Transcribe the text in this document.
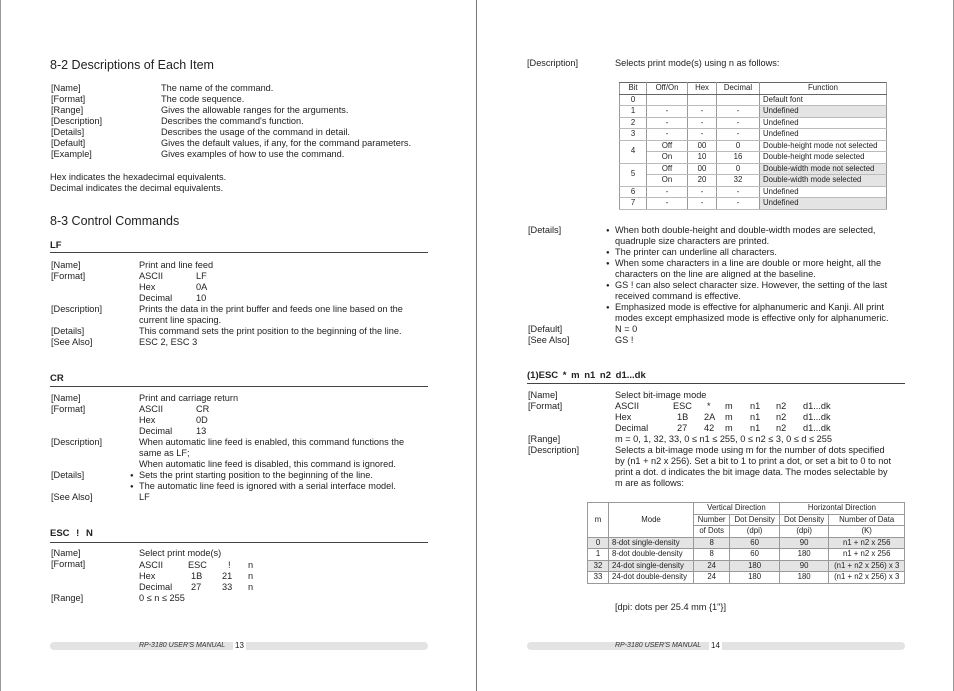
8-2 Descriptions of Each Item
[Name]	The name of the command.
[Format]	The code sequence.
[Range]	Gives the allowable ranges for the arguments.
[Description]	Describes the command's function.
[Details]	Describes the usage of the command in detail.
[Default]	Gives the default values, if any, for the command parameters.
[Example]	Gives examples of how to use the command.
Hex indicates the hexadecimal equivalents.
Decimal indicates the decimal equivalents.
8-3 Control Commands
LF
[Name]	Print and line feed
[Format]	ASCII	LF
Hex	0A
Decimal	10
[Description]	Prints the data in the print buffer and feeds one line based on the
current line spacing.
[Details]	This command sets the print position to the beginning of the line.
[See Also]	ESC 2, ESC 3
CR
[Name]	Print and carriage return
[Format]	ASCII	CR
Hex	0D
Decimal	13
[Description]	When automatic line feed is enabled, this command functions the
same as LF;
When automatic line feed is disabled, this command is ignored.
[Details]	● Sets the print starting position to the beginning of the line.
● The automatic line feed is ignored with a serial interface model.
[See Also]	LF
ESC ! N
[Name]	Select print mode(s)
[Format]	ASCII	ESC ! n
Hex	1B 21 n
Decimal 27 33 n
[Range]	0 ≤ n ≤ 255
RP-3180 USER'S MANUAL 13
[Description]	Selects print mode(s) using n as follows:
Bit	Off/On	Hex	Decimal	Function
0				Default font
1	-	-	-	Undefined
2	-	-	-	Undefined
3	-	-	-	Undefined
4	Off	00	0	Double-height mode not selected
	On	10	16	Double-height mode selected
5	Off	00	0	Double-width mode not selected
	On	20	32	Double-width mode selected
6	-	-	-	Undefined
7	-	-	-	Undefined
[Details]	● When both double-height and double-width modes are selected,
quadruple size characters are printed.
● The printer can underline all characters.
● When some characters in a line are double or more height, all the
characters on the line are aligned at the baseline.
● GS ! can also select character size. However, the setting of the last
received command is effective.
● Emphasized mode is effective for alphanumeric and Kanji. All print
modes except emphasized mode is effective only for alphanumeric.
[Default]	N = 0
[See Also]	GS !
(1)ESC * m n1 n2 d1...dk
[Name]	Select bit-image mode
[Format]	ASCII	ESC * m n1 n2 d1...dk
Hex	1B 2A m n1 n2 d1...dk
Decimal	27 42 m n1 n2 d1...dk
[Range]	m = 0, 1, 32, 33, 0 ≤ n1 ≤ 255, 0 ≤ n2 ≤ 3, 0 ≤ d ≤ 255
[Description]	Selects a bit-image mode using m for the number of dots specified
by (n1 + n2 x 256). Set a bit to 1 to print a dot, or set a bit to 0 to not
print a dot. d indicates the bit image data. The modes selectable by
m are as follows:
m	Mode	Vertical Direction		Horizontal Direction	
		Number	Dot Density	Dot Density	Number of Data
		of Dots	(dpi)	(dpi)	(K)
0	8-dot single-density	8	60	90	n1 + n2 x 256
1	8-dot double-density	8	60	180	n1 + n2 x 256
32	24-dot single-density	24	180	90	(n1 + n2 x 256) x 3
33	24-dot double-density	24	180	180	(n1 + n2 x 256) x 3
[dpi: dots per 25.4 mm {1"}]
RP-3180 USER'S MANUAL 14
